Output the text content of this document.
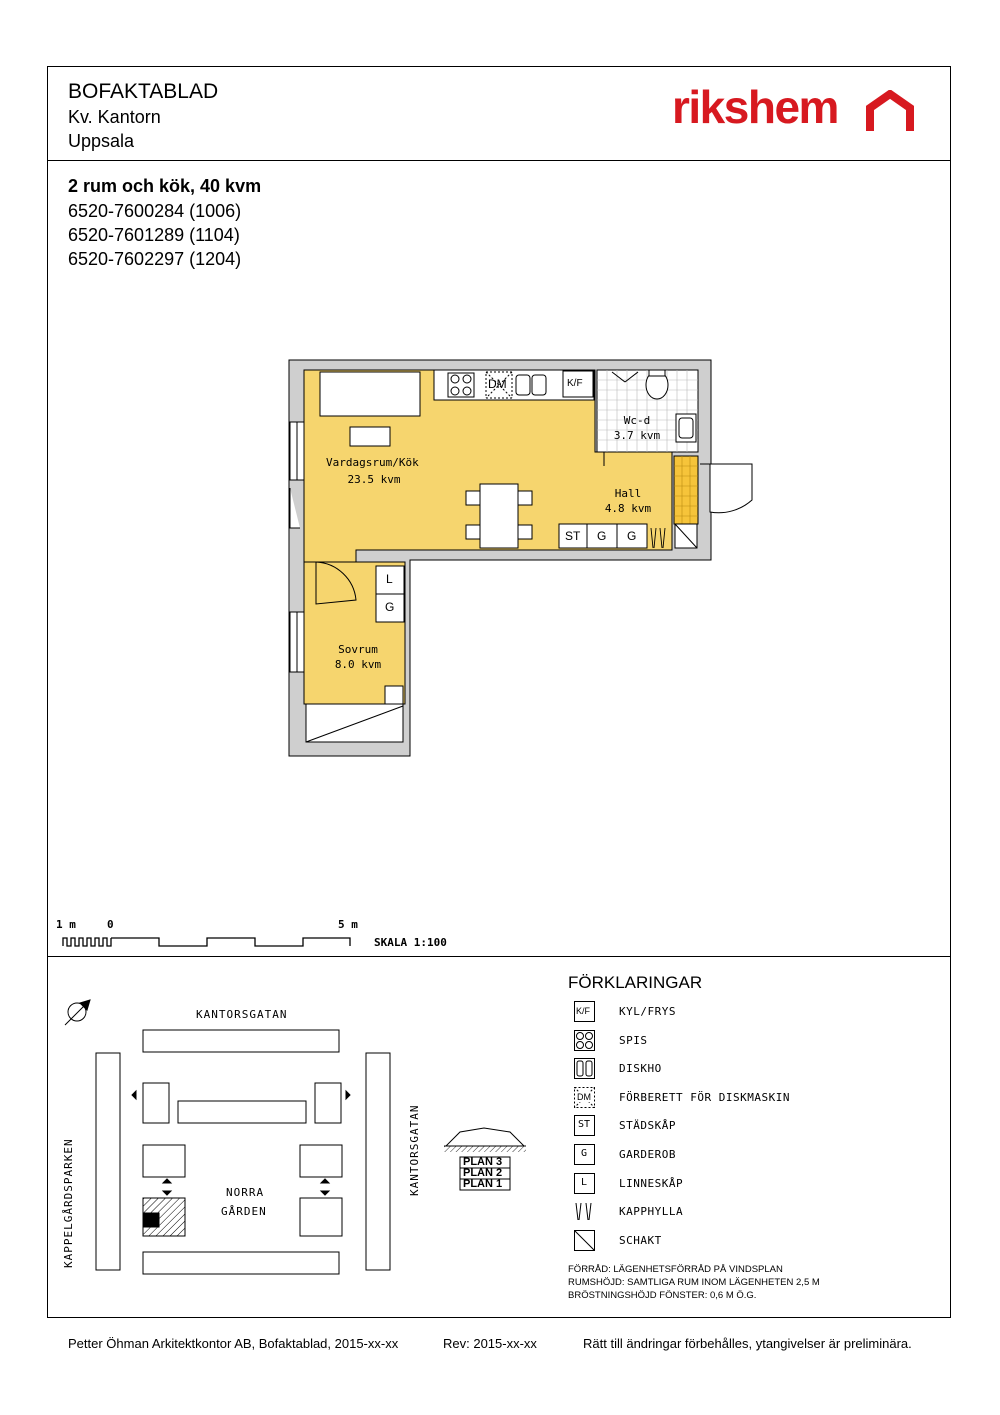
BOFAKTABLAD
Kv. Kantorn
Uppsala
rikshem
2 rum och kök, 40 kvm
6520-7600284 (1006)
6520-7601289 (1104)
6520-7602297 (1204)
Vardagsrum/Kök
23.5 kvm
Wc-d
3.7 kvm
Hall
4.8 kvm
Sovrum
8.0 kvm
DM	K/F
ST G G
L
G
1 m	0	5 m
SKALA 1:100
KANTORSGATAN
KANTORSGATAN
KAPPELGÅRDSPARKEN	NORRA
GÅRDEN
PLAN 3
PLAN 2
PLAN 1
FÖRKLARINGAR
K/F	KYL/FRYS
SPIS
DISKHO
DM	FÖRBERETT FÖR DISKMASKIN
ST	STÄDSKÅP
G	GARDEROB
L	LINNESKÅP
KAPPHYLLA
SCHAKT
FÖRRÅD: LÄGENHETSFÖRRÅD PÅ VINDSPLAN
RUMSHÖJD: SAMTLIGA RUM INOM LÄGENHETEN 2,5 M
BRÖSTNINGSHÖJD FÖNSTER: 0,6 M Ö.G.
Petter Öhman Arkitektkontor AB, Bofaktablad, 2015-xx-xx	Rev: 2015-xx-xx	Rätt till ändringar förbehålles, ytangivelser är preliminära.
